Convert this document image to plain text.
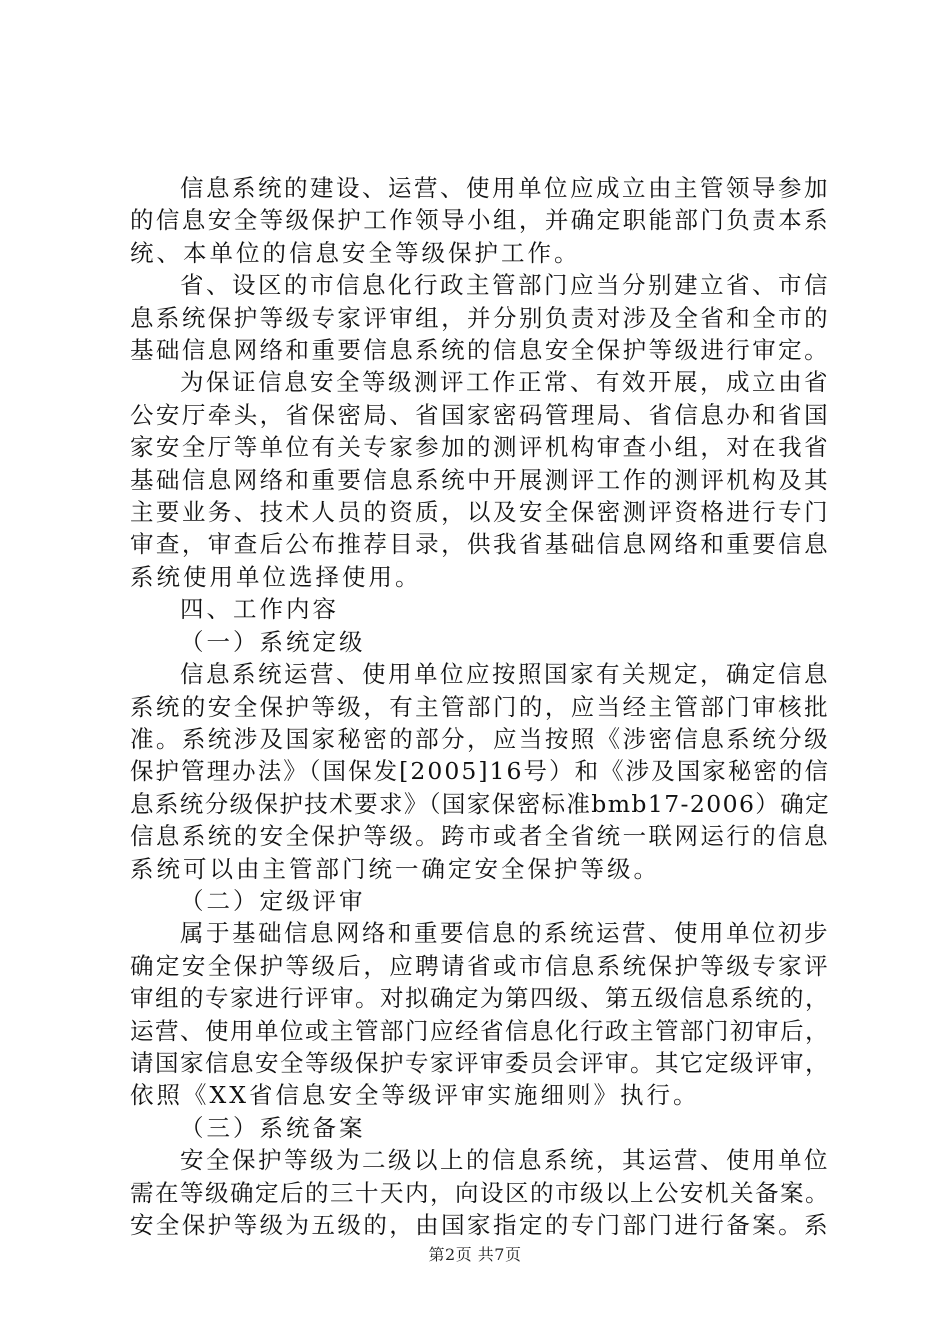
信息系统的建设、运营、使用单位应成立由主管领导参加
的信息安全等级保护工作领导小组，并确定职能部门负责本系
统、本单位的信息安全等级保护工作。
省、设区的市信息化行政主管部门应当分别建立省、市信
息系统保护等级专家评审组，并分别负责对涉及全省和全市的
基础信息网络和重要信息系统的信息安全保护等级进行审定。
为保证信息安全等级测评工作正常、有效开展，成立由省
公安厅牵头，省保密局、省国家密码管理局、省信息办和省国
家安全厅等单位有关专家参加的测评机构审查小组，对在我省
基础信息网络和重要信息系统中开展测评工作的测评机构及其
主要业务、技术人员的资质，以及安全保密测评资格进行专门
审查，审查后公布推荐目录，供我省基础信息网络和重要信息
系统使用单位选择使用。
四、工作内容
（一）系统定级
信息系统运营、使用单位应按照国家有关规定，确定信息
系统的安全保护等级，有主管部门的，应当经主管部门审核批
准。系统涉及国家秘密的部分，应当按照《涉密信息系统分级
保护管理办法》（国保发[2005]16号）和《涉及国家秘密的信
息系统分级保护技术要求》（国家保密标准bmb17-2006）确定
信息系统的安全保护等级。跨市或者全省统一联网运行的信息
系统可以由主管部门统一确定安全保护等级。
（二）定级评审
属于基础信息网络和重要信息的系统运营、使用单位初步
确定安全保护等级后，应聘请省或市信息系统保护等级专家评
审组的专家进行评审。对拟确定为第四级、第五级信息系统的，
运营、使用单位或主管部门应经省信息化行政主管部门初审后，
请国家信息安全等级保护专家评审委员会评审。其它定级评审，
依照《XX省信息安全等级评审实施细则》执行。
（三）系统备案
安全保护等级为二级以上的信息系统，其运营、使用单位
需在等级确定后的三十天内，向设区的市级以上公安机关备案。
安全保护等级为五级的，由国家指定的专门部门进行备案。系
第2页 共7页
